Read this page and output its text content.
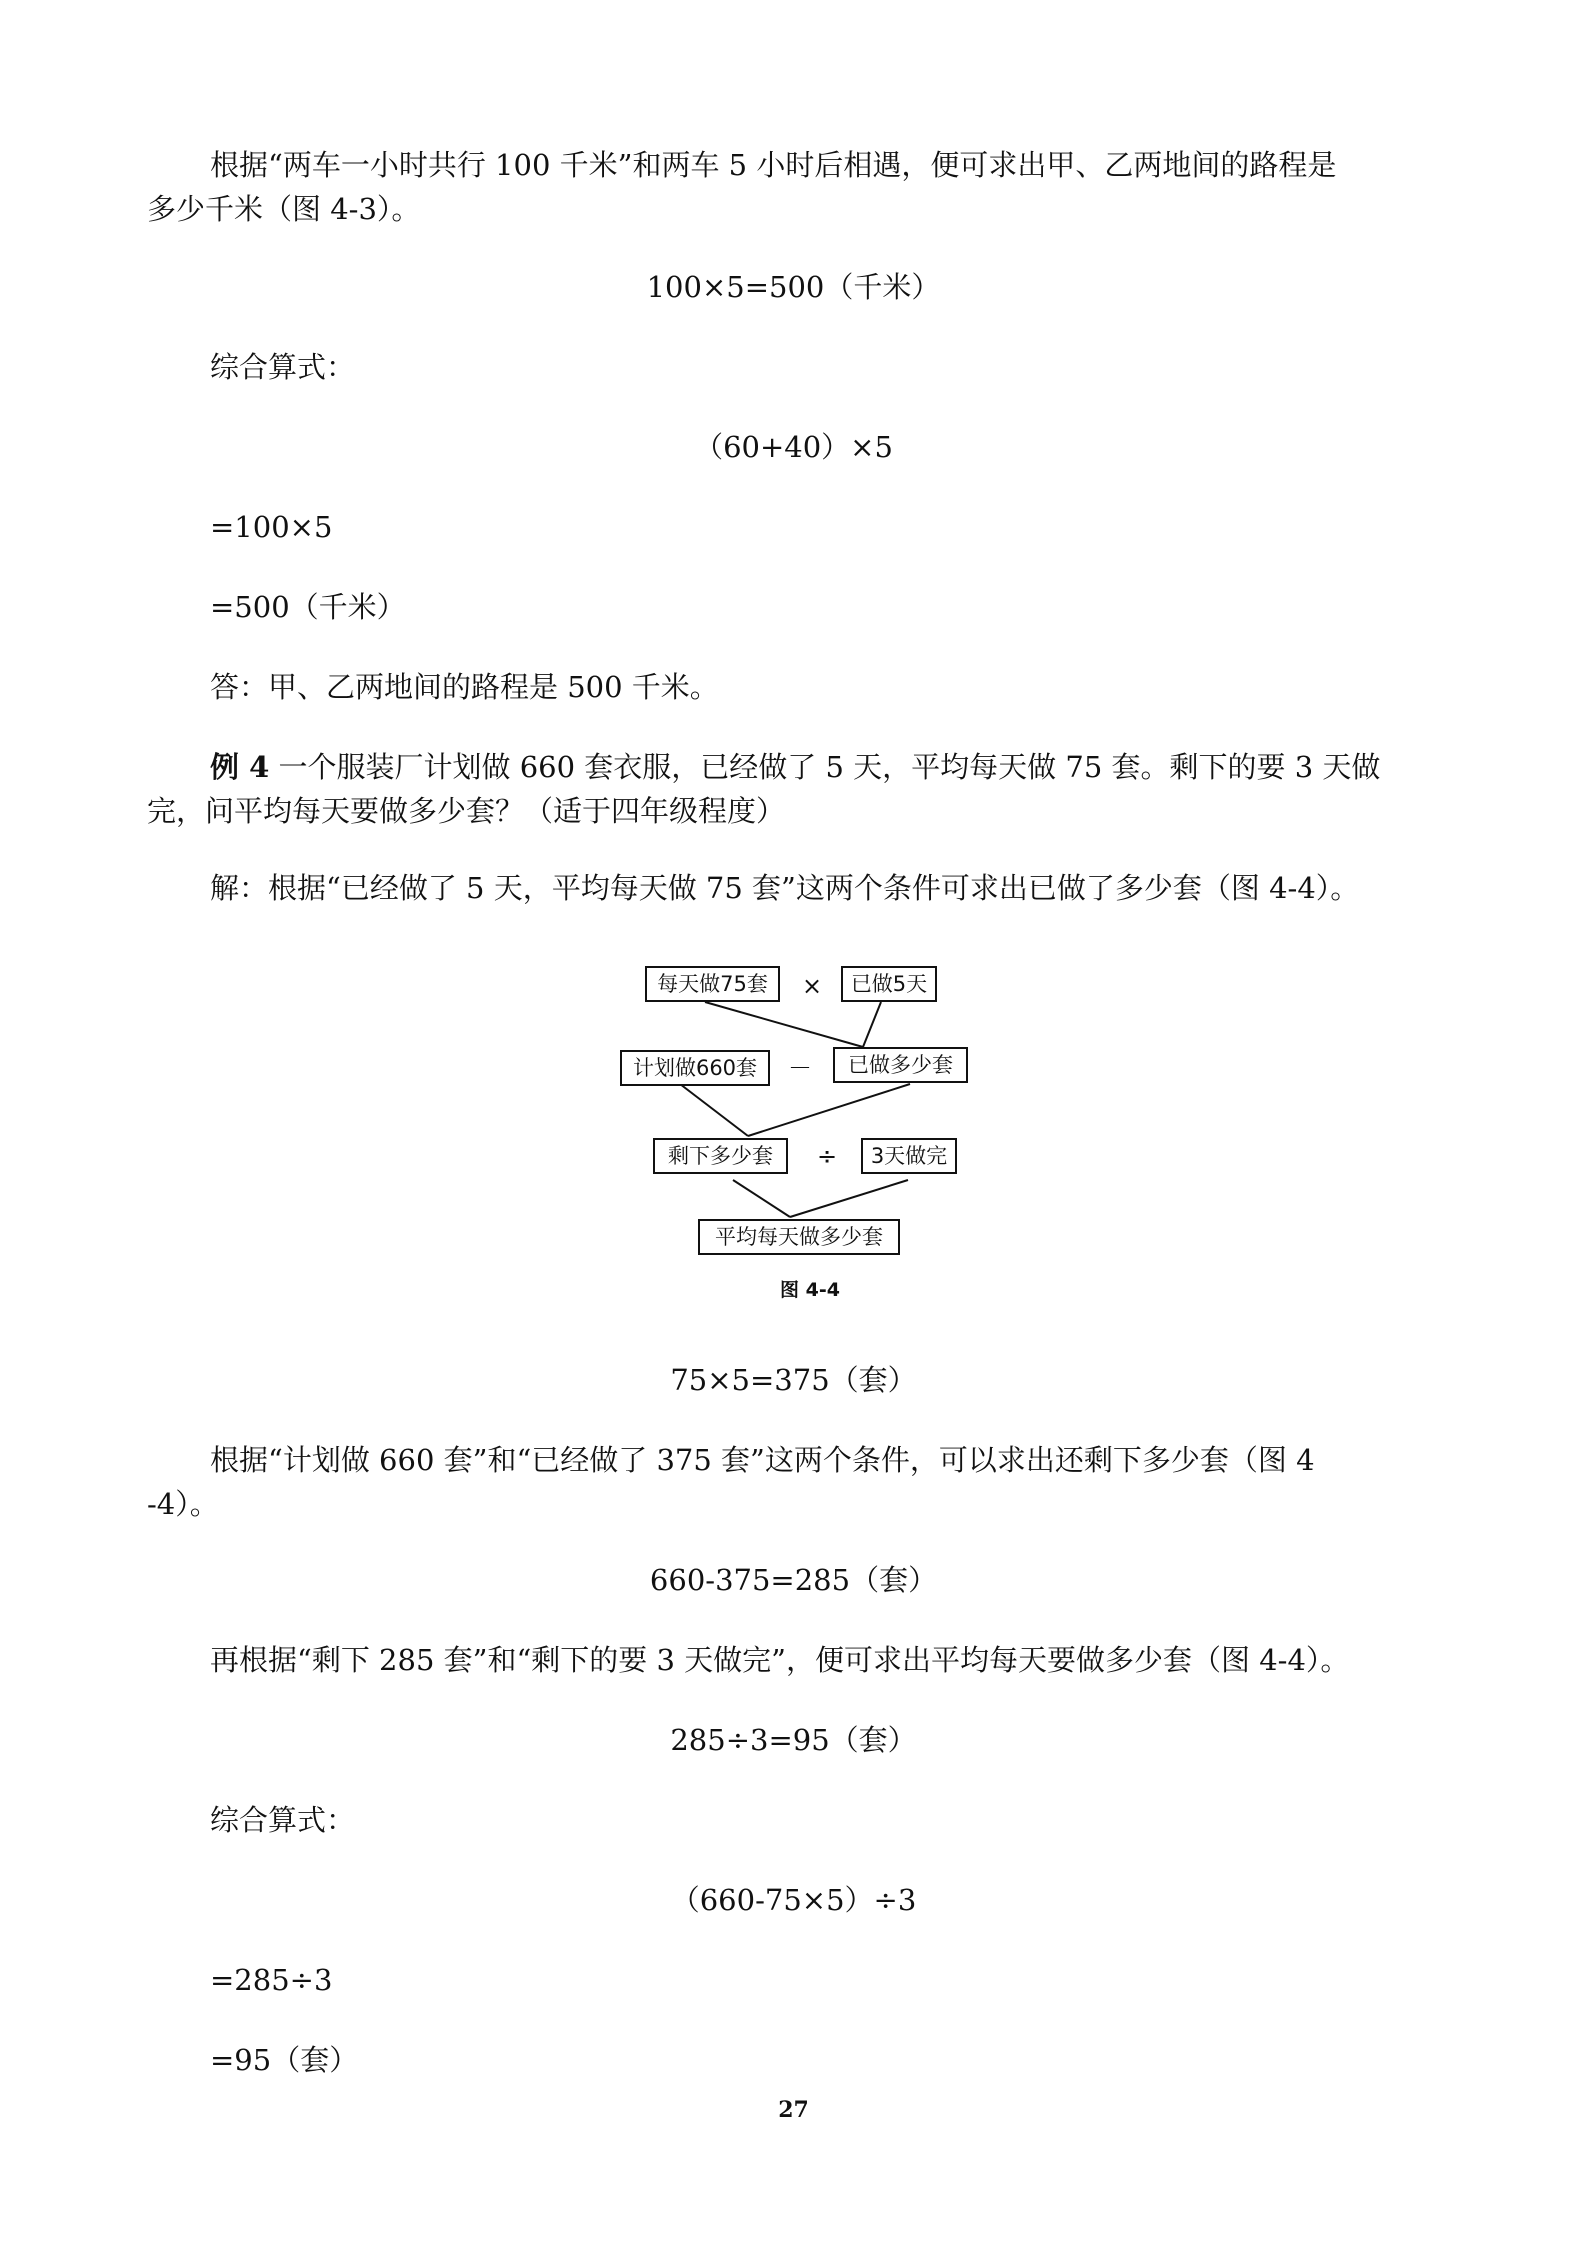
根据“两车一小时共行 100 千米”和两车 5 小时后相遇，便可求出甲、乙两地间的路程是

多少千米（图 4-3）。

100×5=500（千米）

综合算式：

（60+40）×5

=100×5

=500（千米）

答：甲、乙两地间的路程是 500 千米。

例 4 一个服装厂计划做 660 套衣服，已经做了 5 天，平均每天做 75 套。剩下的要 3 天做

完，问平均每天要做多少套？（适于四年级程度）

解：根据“已经做了 5 天，平均每天做 75 套”这两个条件可求出已做了多少套（图 4-4）。

每天做75套	×	已做5天
计划做660套	－	已做多少套
剩下多少套	÷	3天做完
平均每天做多少套
图 4-4

75×5=375（套）

根据“计划做 660 套”和“已经做了 375 套”这两个条件，可以求出还剩下多少套（图 4

-4）。

660-375=285（套）

再根据“剩下 285 套”和“剩下的要 3 天做完”，便可求出平均每天要做多少套（图 4-4）。

285÷3=95（套）

综合算式：

（660-75×5）÷3

=285÷3

=95（套）

27
